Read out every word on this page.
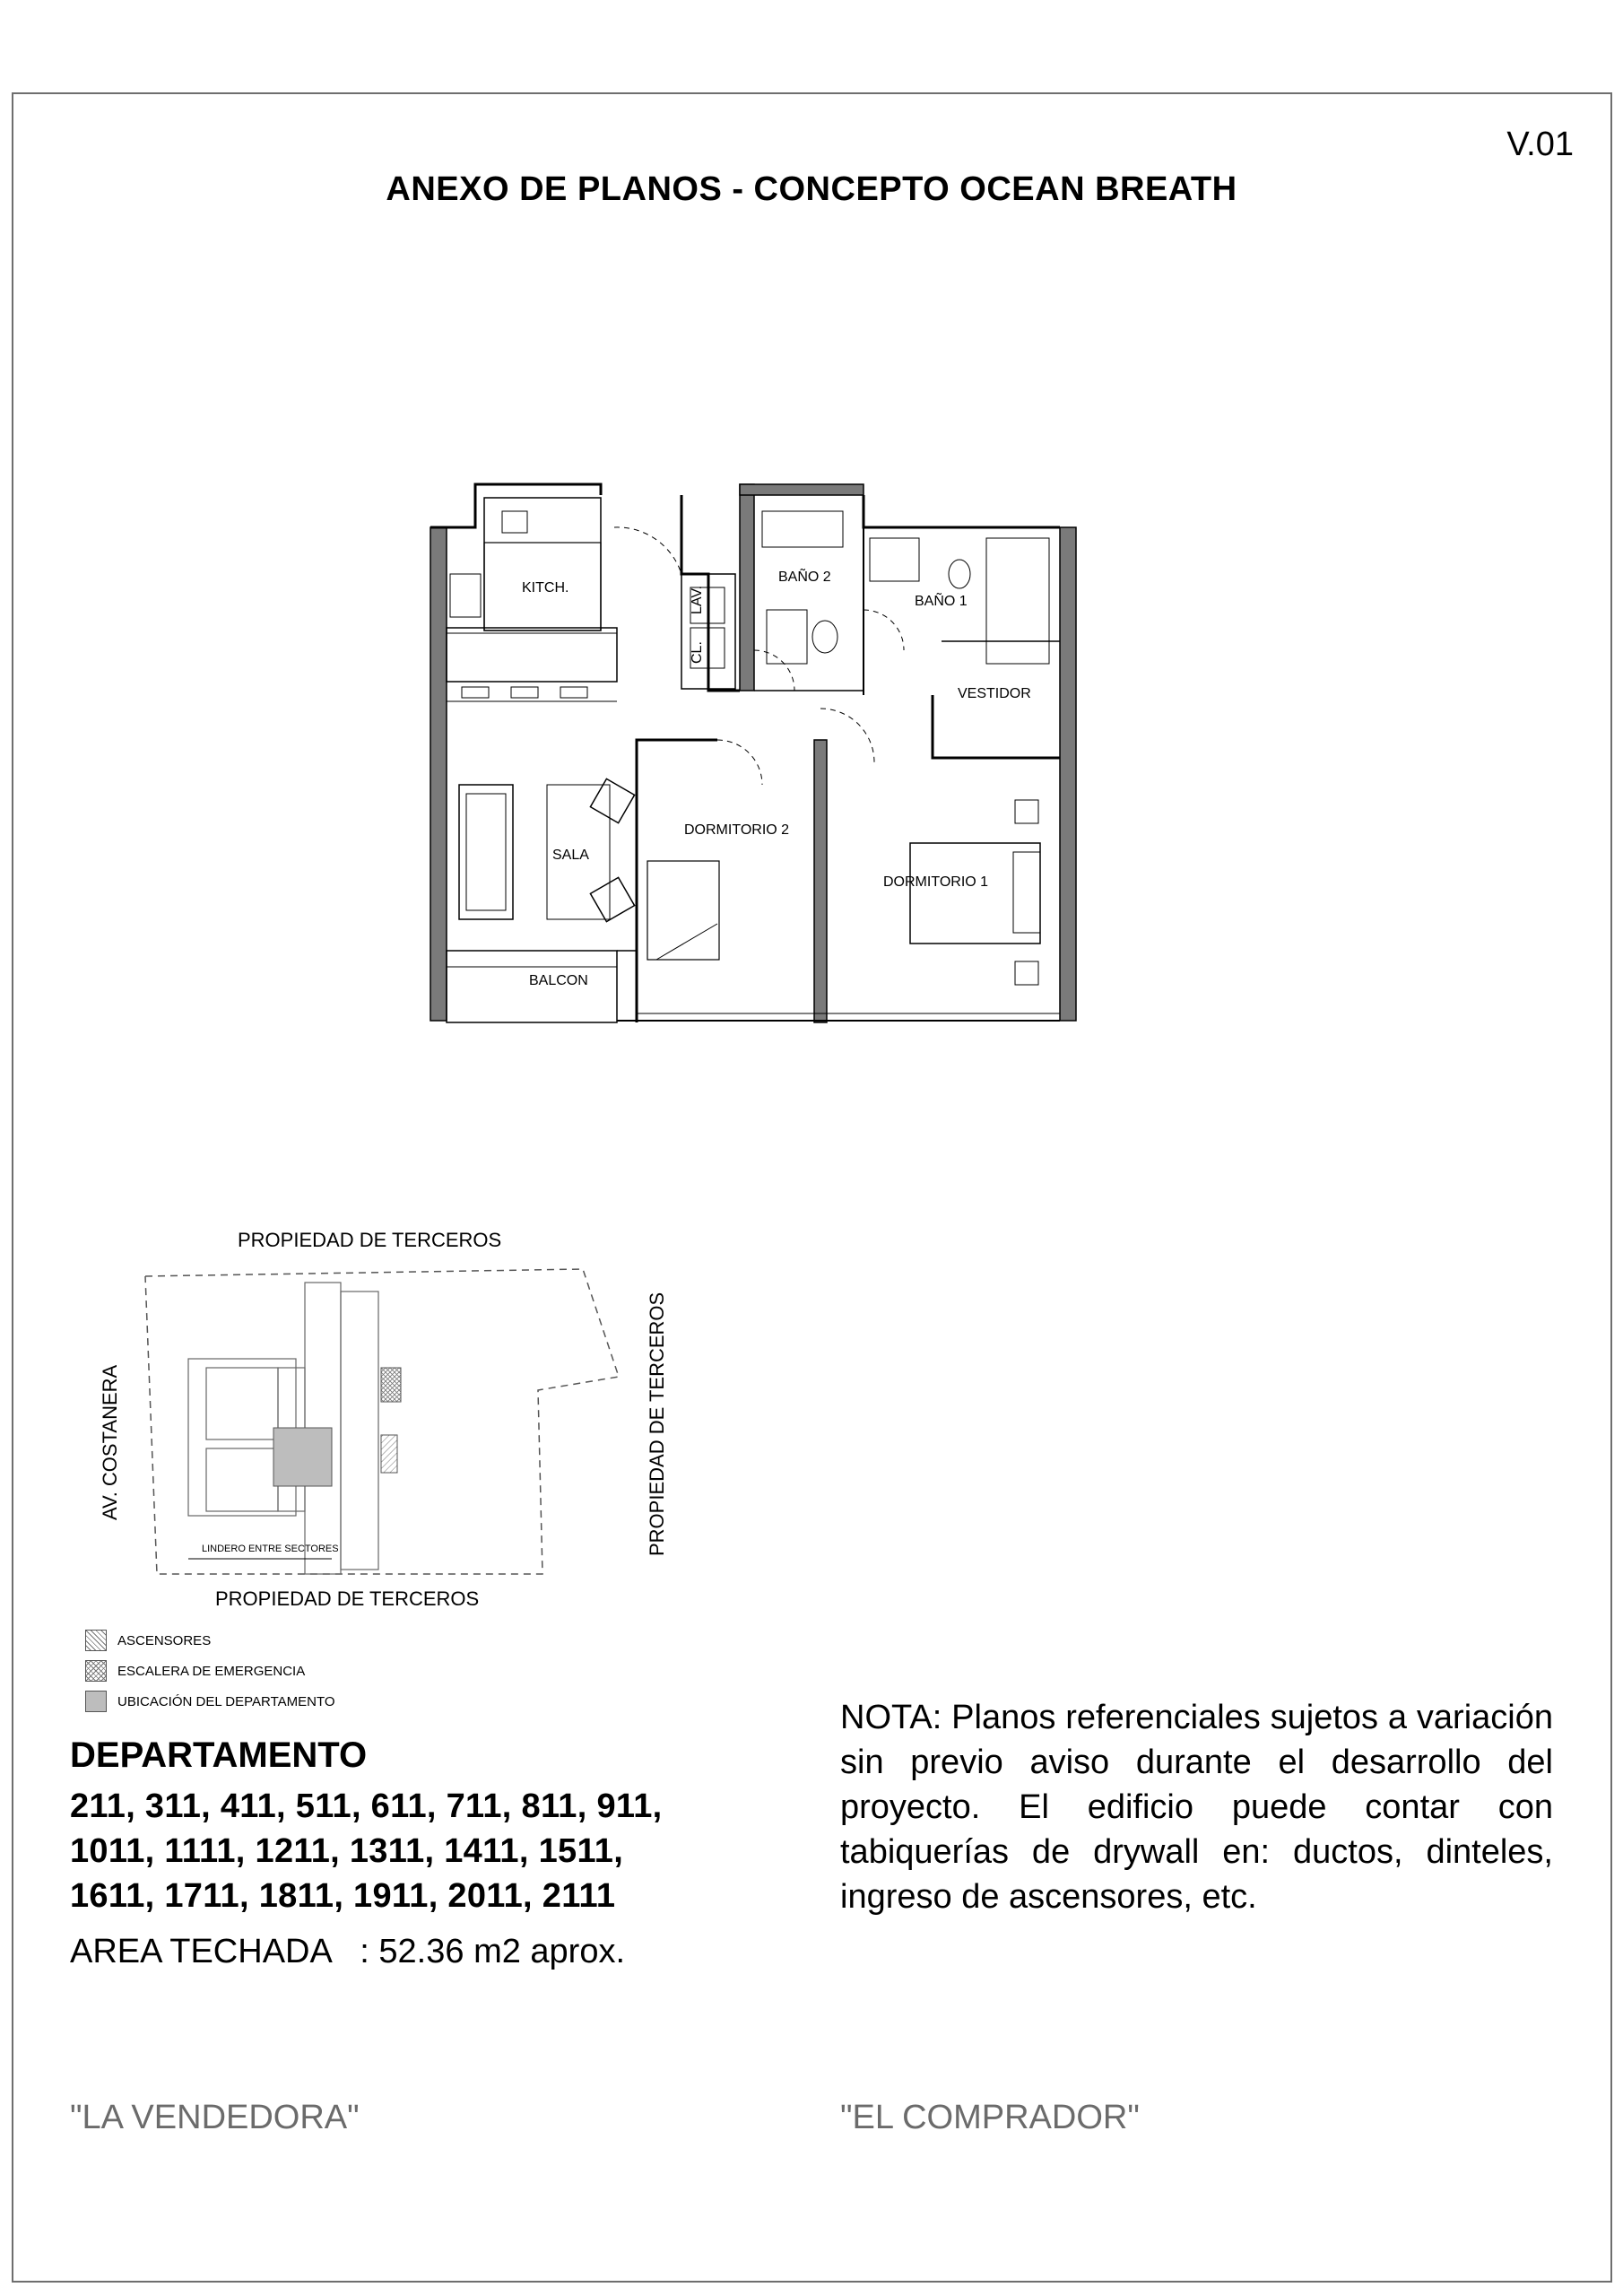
V.01
ANEXO DE PLANOS - CONCEPTO OCEAN BREATH
KITCH.	LAV.
CL.
BAÑO 2
BAÑO 1
VESTIDOR
SALA
DORMITORIO 2
DORMITORIO 1
BALCON
PROPIEDAD DE TERCEROS
PROPIEDAD DE TERCEROS
PROPIEDAD DE TERCEROS
AV. COSTANERA
LINDERO ENTRE SECTORES
ASCENSORES
ESCALERA DE EMERGENCIA
UBICACIÓN DEL DEPARTAMENTO
DEPARTAMENTO
211, 311, 411, 511, 611, 711, 811, 911,
1011, 1111, 1211, 1311, 1411, 1511,
1611, 1711, 1811, 1911, 2011, 2111
AREA TECHADA : 52.36 m2 aprox.
NOTA: Planos referenciales sujetos a variación sin previo aviso durante el desarrollo del proyecto. El edificio puede contar con tabiquerías de drywall en: ductos, dinteles, ingreso de ascensores, etc.
"LA VENDEDORA"	"EL COMPRADOR"
